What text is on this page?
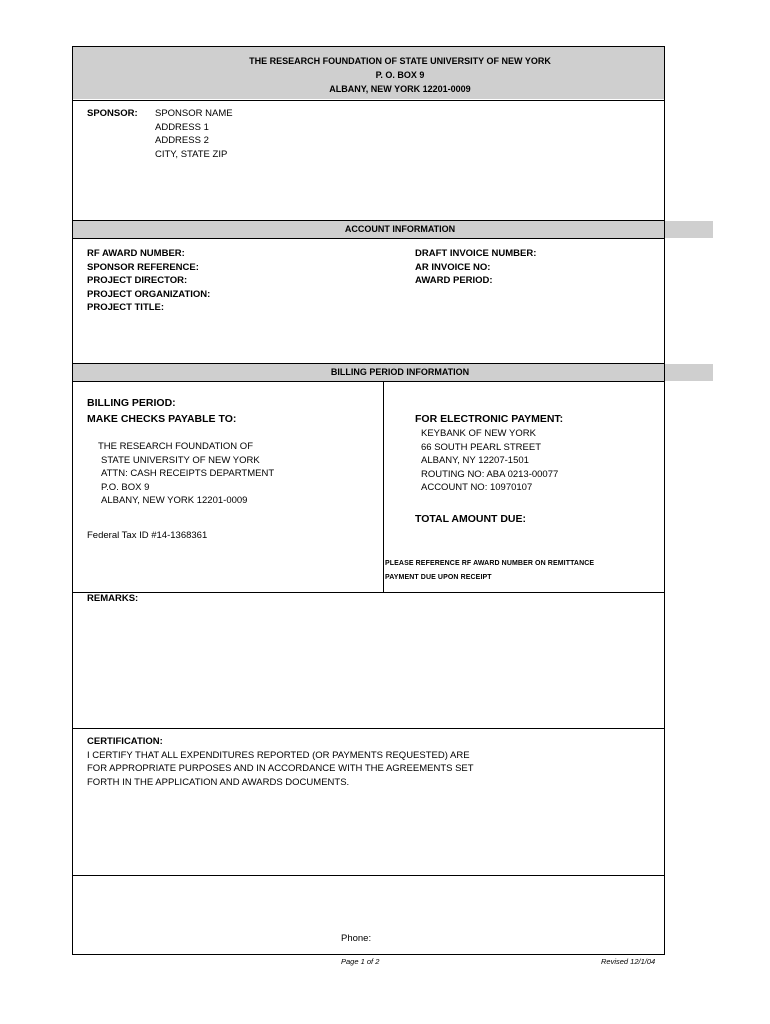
THE RESEARCH FOUNDATION OF STATE UNIVERSITY OF NEW YORK
P. O. BOX 9
ALBANY, NEW YORK 12201-0009
SPONSOR: SPONSOR NAME
ADDRESS 1
ADDRESS 2
CITY, STATE ZIP
ACCOUNT INFORMATION
RF AWARD NUMBER:
SPONSOR REFERENCE:
PROJECT DIRECTOR:
PROJECT ORGANIZATION:
PROJECT TITLE:
DRAFT INVOICE NUMBER:
AR INVOICE NO:
AWARD PERIOD:
BILLING PERIOD INFORMATION
BILLING PERIOD:
MAKE CHECKS PAYABLE TO:
THE RESEARCH FOUNDATION OF
STATE UNIVERSITY OF NEW YORK
ATTN: CASH RECEIPTS DEPARTMENT
P.O. BOX 9
ALBANY, NEW YORK 12201-0009
Federal Tax ID #14-1368361
FOR ELECTRONIC PAYMENT:
KEYBANK OF NEW YORK
66 SOUTH PEARL STREET
ALBANY, NY 12207-1501
ROUTING NO: ABA 0213-00077
ACCOUNT NO: 10970107
TOTAL AMOUNT DUE:
PLEASE REFERENCE RF AWARD NUMBER ON REMITTANCE
PAYMENT DUE UPON RECEIPT
REMARKS:
CERTIFICATION:
I CERTIFY THAT ALL EXPENDITURES REPORTED (OR PAYMENTS REQUESTED) ARE
FOR APPROPRIATE PURPOSES AND IN ACCORDANCE WITH THE AGREEMENTS SET
FORTH IN THE APPLICATION AND AWARDS DOCUMENTS.
Phone:
Page 1 of 2	Revised 12/1/04
